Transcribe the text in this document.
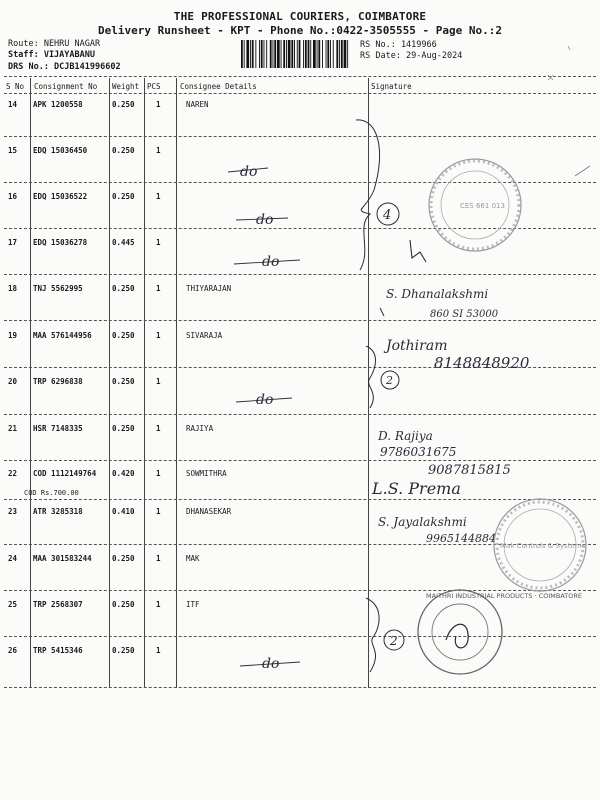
THE PROFESSIONAL COURIERS, COIMBATORE
Delivery Runsheet - KPT - Phone No.:0422-3505555 - Page No.:2
Route: NEHRU NAGAR
Staff: VIJAYABANU
DRS No.: DCJB141996602
RS No.: 1419966
RS Date: 29-Aug-2024
S No Consignment No Weight PCS	Consignee Details	Signature
14 APK 1200558	0.250	1	NAREN
15 EDQ 15036450	0.250	1
16 EDQ 15036522	0.250	1
17 EDQ 15036278	0.445	1
18 TNJ 5562995	0.250	1	THIYARAJAN
19 MAA 576144956	0.250	1	SIVARAJA
20 TRP 6296838	0.250	1
21 HSR 7148335	0.250	1	RAJIYA
22 COD 1112149764 0.420	1	SOWMITHRA
COD Rs.700.00
23 ATR 3285318	0.410	1	DHANASEKAR
24 MAA 301583244	0.250	1	MAK
25 TRP 2568307	0.250	1	ITF
26 TRP 5415346	0.250	1
do
do
do
do
do
4
CES 661 013
S. Dhanalakshmi
860 SI 53000
Jothiram
8148848920
2
D. Rajiya
9786031675
9087815815
L.S. Prema
S. Jayalakshmi
9965144884
Mak Controls & Systems
2
MAITHRI INDUSTRIAL PRODUCTS · COIMBATORE
